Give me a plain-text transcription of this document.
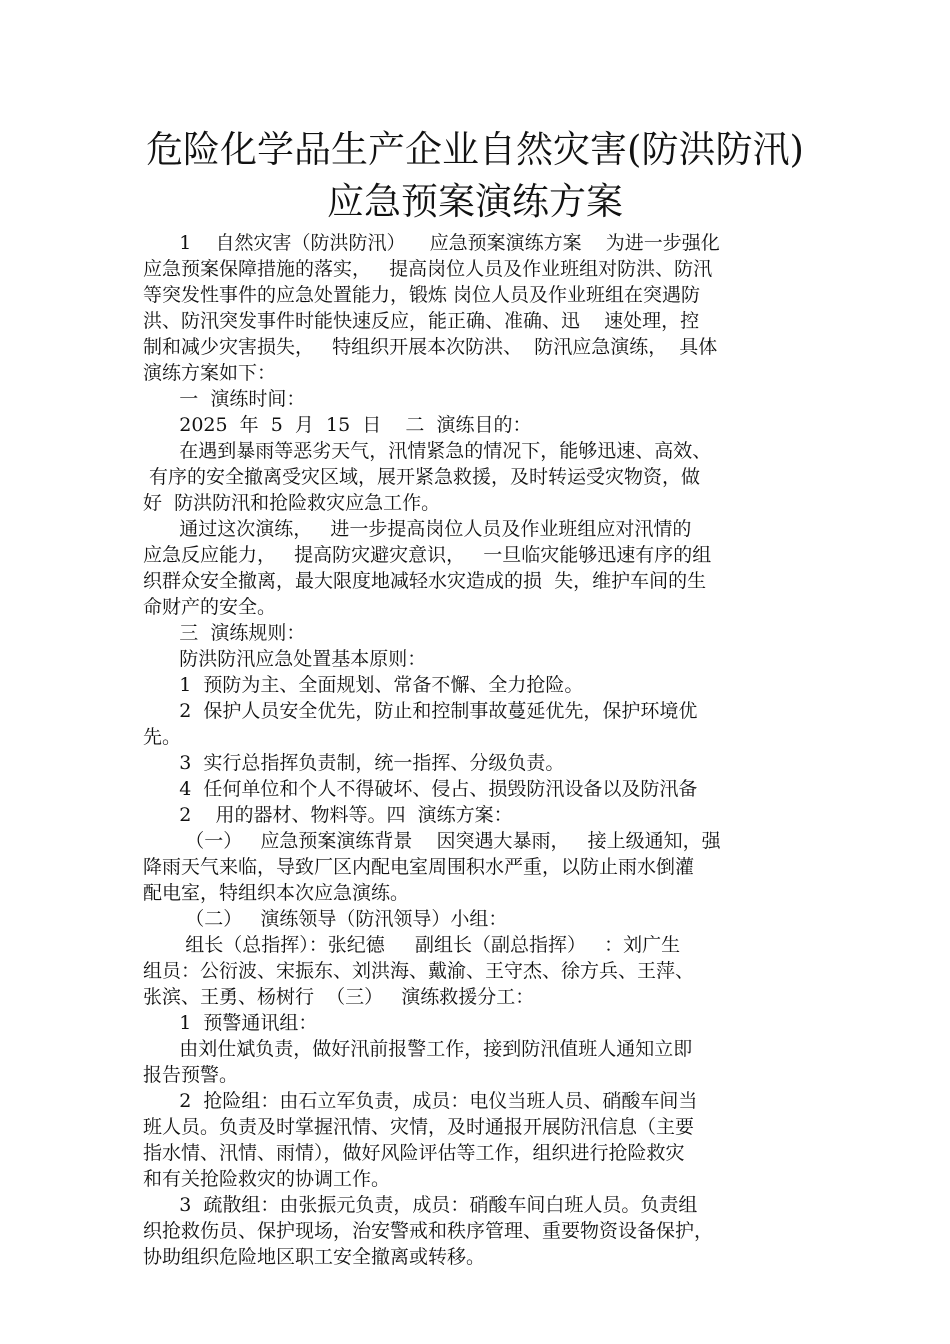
危险化学品生产企业自然灾害(防洪防汛)
应急预案演练方案
1    自然灾害（防洪防汛）    应急预案演练方案    为进一步强化
应急预案保障措施的落实，   提高岗位人员及作业班组对防洪、防汛
等突发性事件的应急处置能力，锻炼 岗位人员及作业班组在突遇防
洪、防汛突发事件时能快速反应，能正确、准确、迅    速处理，控
制和减少灾害损失，   特组织开展本次防洪、  防汛应急演练，  具体
演练方案如下：
一  演练时间：
2025  年  5  月  15  日    二  演练目的：
在遇到暴雨等恶劣天气，汛情紧急的情况下，能够迅速、高效、
有序的安全撤离受灾区域，展开紧急救援，及时转运受灾物资，做
好  防洪防汛和抢险救灾应急工作。
通过这次演练，   进一步提高岗位人员及作业班组应对汛情的
应急反应能力，   提高防灾避灾意识，   一旦临灾能够迅速有序的组
织群众安全撤离，最大限度地减轻水灾造成的损  失，维护车间的生
命财产的安全。
三  演练规则：
防洪防汛应急处置基本原则：
1  预防为主、全面规划、常备不懈、全力抢险。
2  保护人员安全优先，防止和控制事故蔓延优先，保护环境优
先。
3  实行总指挥负责制，统一指挥、分级负责。
4  任何单位和个人不得破坏、侵占、损毁防汛设备以及防汛备
2    用的器材、物料等。四  演练方案：
（一）   应急预案演练背景    因突遇大暴雨，   接上级通知，强
降雨天气来临，导致厂区内配电室周围积水严重，以防止雨水倒灌
配电室，特组织本次应急演练。
（二）   演练领导（防汛领导）小组：
组长（总指挥）：张纪德     副组长（副总指挥）   ：刘广生
组员：公衍波、宋振东、刘洪海、戴渝、王守杰、徐方兵、王萍、
张滨、王勇、杨树行  （三）   演练救援分工：
1  预警通讯组：
由刘仕斌负责，做好汛前报警工作，接到防汛值班人通知立即
报告预警。
2  抢险组：由石立军负责，成员：电仪当班人员、硝酸车间当
班人员。负责及时掌握汛情、灾情，及时通报开展防汛信息（主要
指水情、汛情、雨情），做好风险评估等工作，组织进行抢险救灾
和有关抢险救灾的协调工作。
3  疏散组：由张振元负责，成员：硝酸车间白班人员。负责组
织抢救伤员、保护现场，治安警戒和秩序管理、重要物资设备保护，
协助组织危险地区职工安全撤离或转移。
